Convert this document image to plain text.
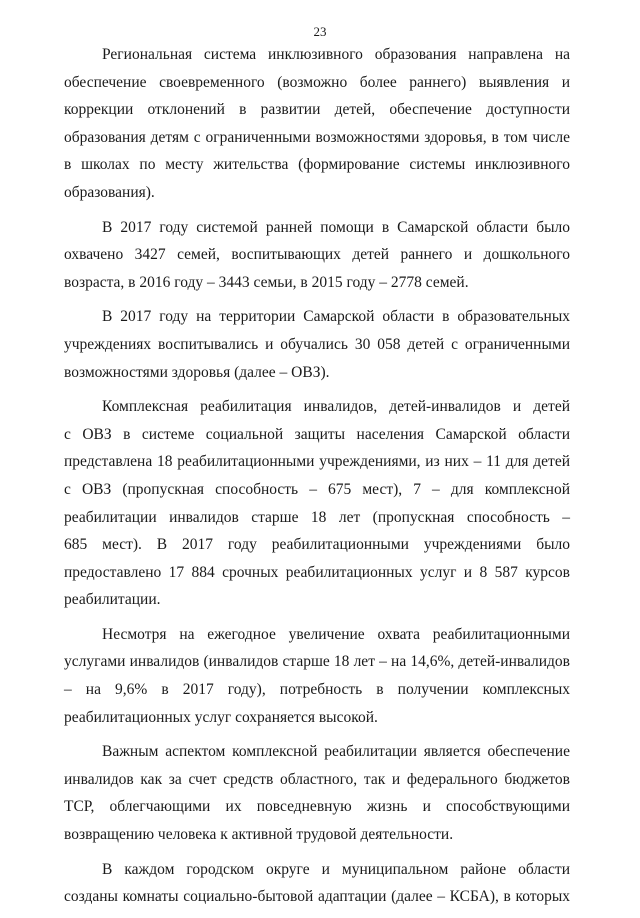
23

Региональная система инклюзивного образования направлена на
обеспечение своевременного (возможно более раннего) выявления и
коррекции отклонений в развитии детей, обеспечение доступности
образования детям с ограниченными возможностями здоровья, в том числе
в школах по месту жительства (формирование системы инклюзивного
образования).

В 2017 году системой ранней помощи в Самарской области было
охвачено 3427 семей, воспитывающих детей раннего и дошкольного
возраста, в 2016 году – 3443 семьи, в 2015 году – 2778 семей.

В 2017 году на территории Самарской области в образовательных
учреждениях воспитывались и обучались 30 058 детей с ограниченными
возможностями здоровья (далее – ОВЗ).

Комплексная реабилитация инвалидов, детей-инвалидов и детей
с ОВЗ в системе социальной защиты населения Самарской области
представлена 18 реабилитационными учреждениями, из них – 11 для детей
с ОВЗ (пропускная способность – 675 мест), 7 – для комплексной
реабилитации инвалидов старше 18 лет (пропускная способность –
685 мест). В 2017 году реабилитационными учреждениями было
предоставлено 17 884 срочных реабилитационных услуг и 8 587 курсов
реабилитации.

Несмотря на ежегодное увеличение охвата реабилитационными
услугами инвалидов (инвалидов старше 18 лет – на 14,6%, детей-инвалидов
– на 9,6% в 2017 году), потребность в получении комплексных
реабилитационных услуг сохраняется высокой.

Важным аспектом комплексной реабилитации является обеспечение
инвалидов как за счет средств областного, так и федерального бюджетов
ТСР, облегчающими их повседневную жизнь и способствующими
возвращению человека к активной трудовой деятельности.

В каждом городском округе и муниципальном районе области
созданы комнаты социально-бытовой адаптации (далее – КСБА), в которых
